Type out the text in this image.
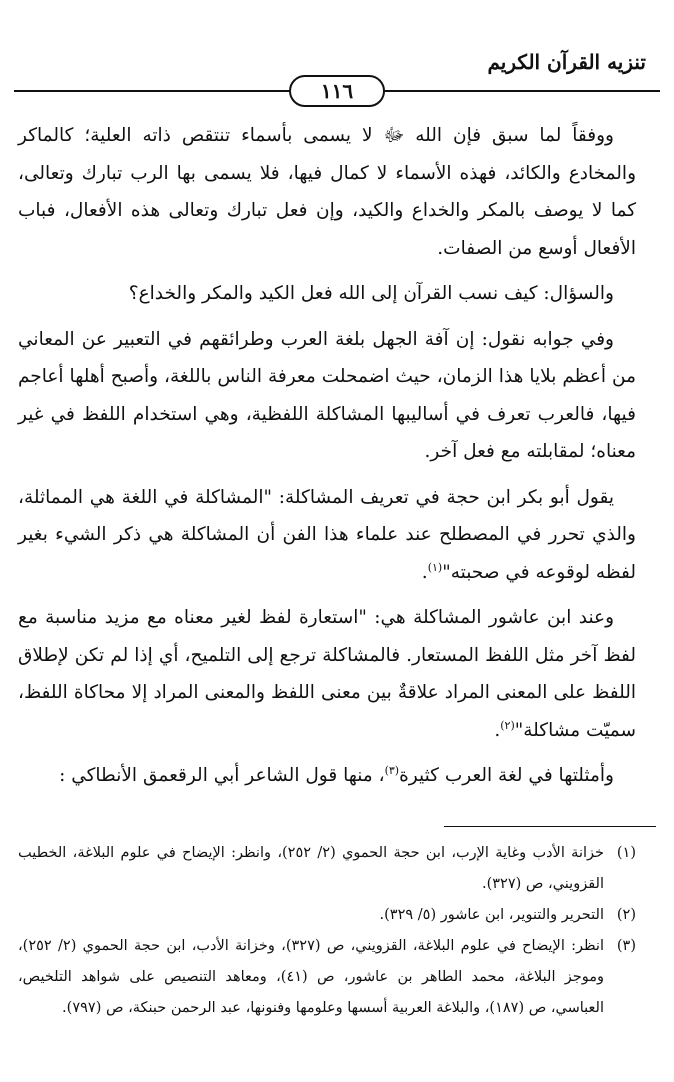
تنزيه القرآن الكريم
١١٦

ووفقاً لما سبق فإن الله ﷻ لا يسمى بأسماء تنتقص ذاته العلية؛ كالماكر والمخادع والكائد، فهذه الأسماء لا كمال فيها، فلا يسمى بها الرب تبارك وتعالى، كما لا يوصف بالمكر والخداع والكيد، وإن فعل تبارك وتعالى هذه الأفعال، فباب الأفعال أوسع من الصفات.

والسؤال: كيف نسب القرآن إلى الله فعل الكيد والمكر والخداع؟

وفي جوابه نقول: إن آفة الجهل بلغة العرب وطرائقهم في التعبير عن المعاني من أعظم بلايا هذا الزمان، حيث اضمحلت معرفة الناس باللغة، وأصبح أهلها أعاجم فيها، فالعرب تعرف في أساليبها المشاكلة اللفظية، وهي استخدام اللفظ في غير معناه؛ لمقابلته مع فعل آخر.

يقول أبو بكر ابن حجة في تعريف المشاكلة: "المشاكلة في اللغة هي المماثلة، والذي تحرر في المصطلح عند علماء هذا الفن أن المشاكلة هي ذكر الشيء بغير لفظه لوقوعه في صحبته"$^{(١)}$.

وعند ابن عاشور المشاكلة هي: "استعارة لفظ لغير معناه مع مزيد مناسبة مع لفظ آخر مثل اللفظ المستعار. فالمشاكلة ترجع إلى التلميح، أي إذا لم تكن لإطلاق اللفظ على المعنى المراد علاقةٌ بين معنى اللفظ والمعنى المراد إلا محاكاة اللفظ، سميّت مشاكلة"$^{(٢)}$.

وأمثلتها في لغة العرب كثيرة$^{(٣)}$، منها قول الشاعر أبي الرقعمق الأنطاكي :

(١)خزانة الأدب وغاية الإرب، ابن حجة الحموي (٢/ ٢٥٢)، وانظر: الإيضاح في علوم البلاغة، الخطيب القزويني، ص (٣٢٧).

(٢)التحرير والتنوير، ابن عاشور (٥/ ٣٢٩).

(٣)انظر: الإيضاح في علوم البلاغة، القزويني، ص (٣٢٧)، وخزانة الأدب، ابن حجة الحموي (٢/ ٢٥٢)، وموجز البلاغة، محمد الطاهر بن عاشور، ص (٤١)، ومعاهد التنصيص على شواهد التلخيص، العباسي، ص (١٨٧)، والبلاغة العربية أسسها وعلومها وفنونها، عبد الرحمن حبنكة، ص (٧٩٧).
